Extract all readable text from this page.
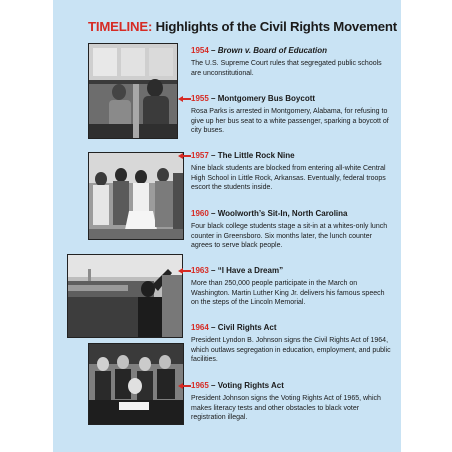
TIMELINE: Highlights of the Civil Rights Movement
1954 – Brown v. Board of Education
The U.S. Supreme Court rules that segregated public schools are unconstitutional.
1955 – Montgomery Bus Boycott
Rosa Parks is arrested in Montgomery, Alabama, for refusing to give up her bus seat to a white passenger, sparking a boycott of city buses.
1957 – The Little Rock Nine
Nine black students are blocked from entering all-white Central High School in Little Rock, Arkansas. Eventually, federal troops escort the students inside.
1960 – Woolworth’s Sit-In, North Carolina
Four black college students stage a sit-in at a whites-only lunch counter in Greensboro. Six months later, the lunch counter agrees to serve black people.
1963 – “I Have a Dream”
More than 250,000 people participate in the March on Washington. Martin Luther King Jr. delivers his famous speech on the steps of the Lincoln Memorial.
1964 – Civil Rights Act
President Lyndon B. Johnson signs the Civil Rights Act of 1964, which outlaws segregation in education, employment, and public facilities.
1965 – Voting Rights Act
President Johnson signs the Voting Rights Act of 1965, which makes literacy tests and other obstacles to black voter registration illegal.
